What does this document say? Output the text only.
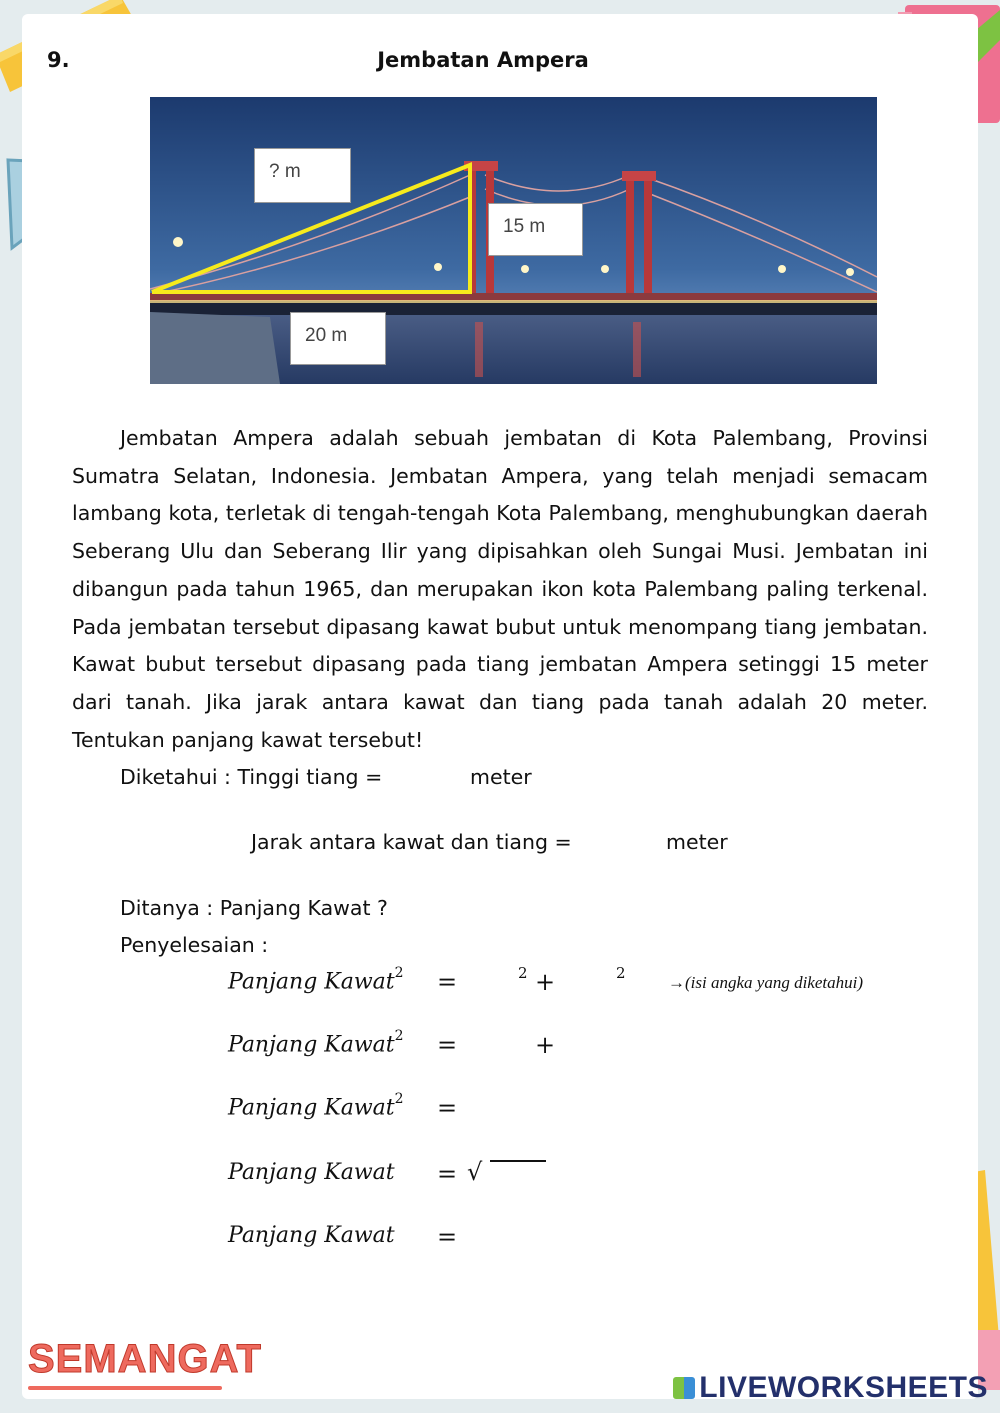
9.	Jembatan Ampera
? m
15 m
20 m
Jembatan Ampera adalah sebuah jembatan di Kota Palembang, Provinsi Sumatra Selatan, Indonesia. Jembatan Ampera, yang telah menjadi semacam lambang kota, terletak di tengah-tengah Kota Palembang, menghubungkan daerah Seberang Ulu dan Seberang Ilir yang dipisahkan oleh Sungai Musi. Jembatan ini dibangun pada tahun 1965, dan merupakan ikon kota Palembang paling terkenal. Pada jembatan tersebut dipasang kawat bubut untuk menompang tiang jembatan. Kawat bubut tersebut dipasang pada tiang jembatan Ampera setinggi 15 meter dari tanah. Jika jarak antara kawat dan tiang pada tanah adalah 20 meter. Tentukan panjang kawat tersebut!
Diketahui : Tinggi tiang =	meter
Jarak antara kawat dan tiang =	meter
Ditanya : Panjang Kawat ?
Penyelesaian :
Panjang Kawat$^2$ =	2 +	2 →(isi angka yang diketahui)
Panjang Kawat$^2$ =	+
Panjang Kawat$^2$ =
Panjang Kawat = √
Panjang Kawat =
SEMANGAT
LIVEWORKSHEETS
